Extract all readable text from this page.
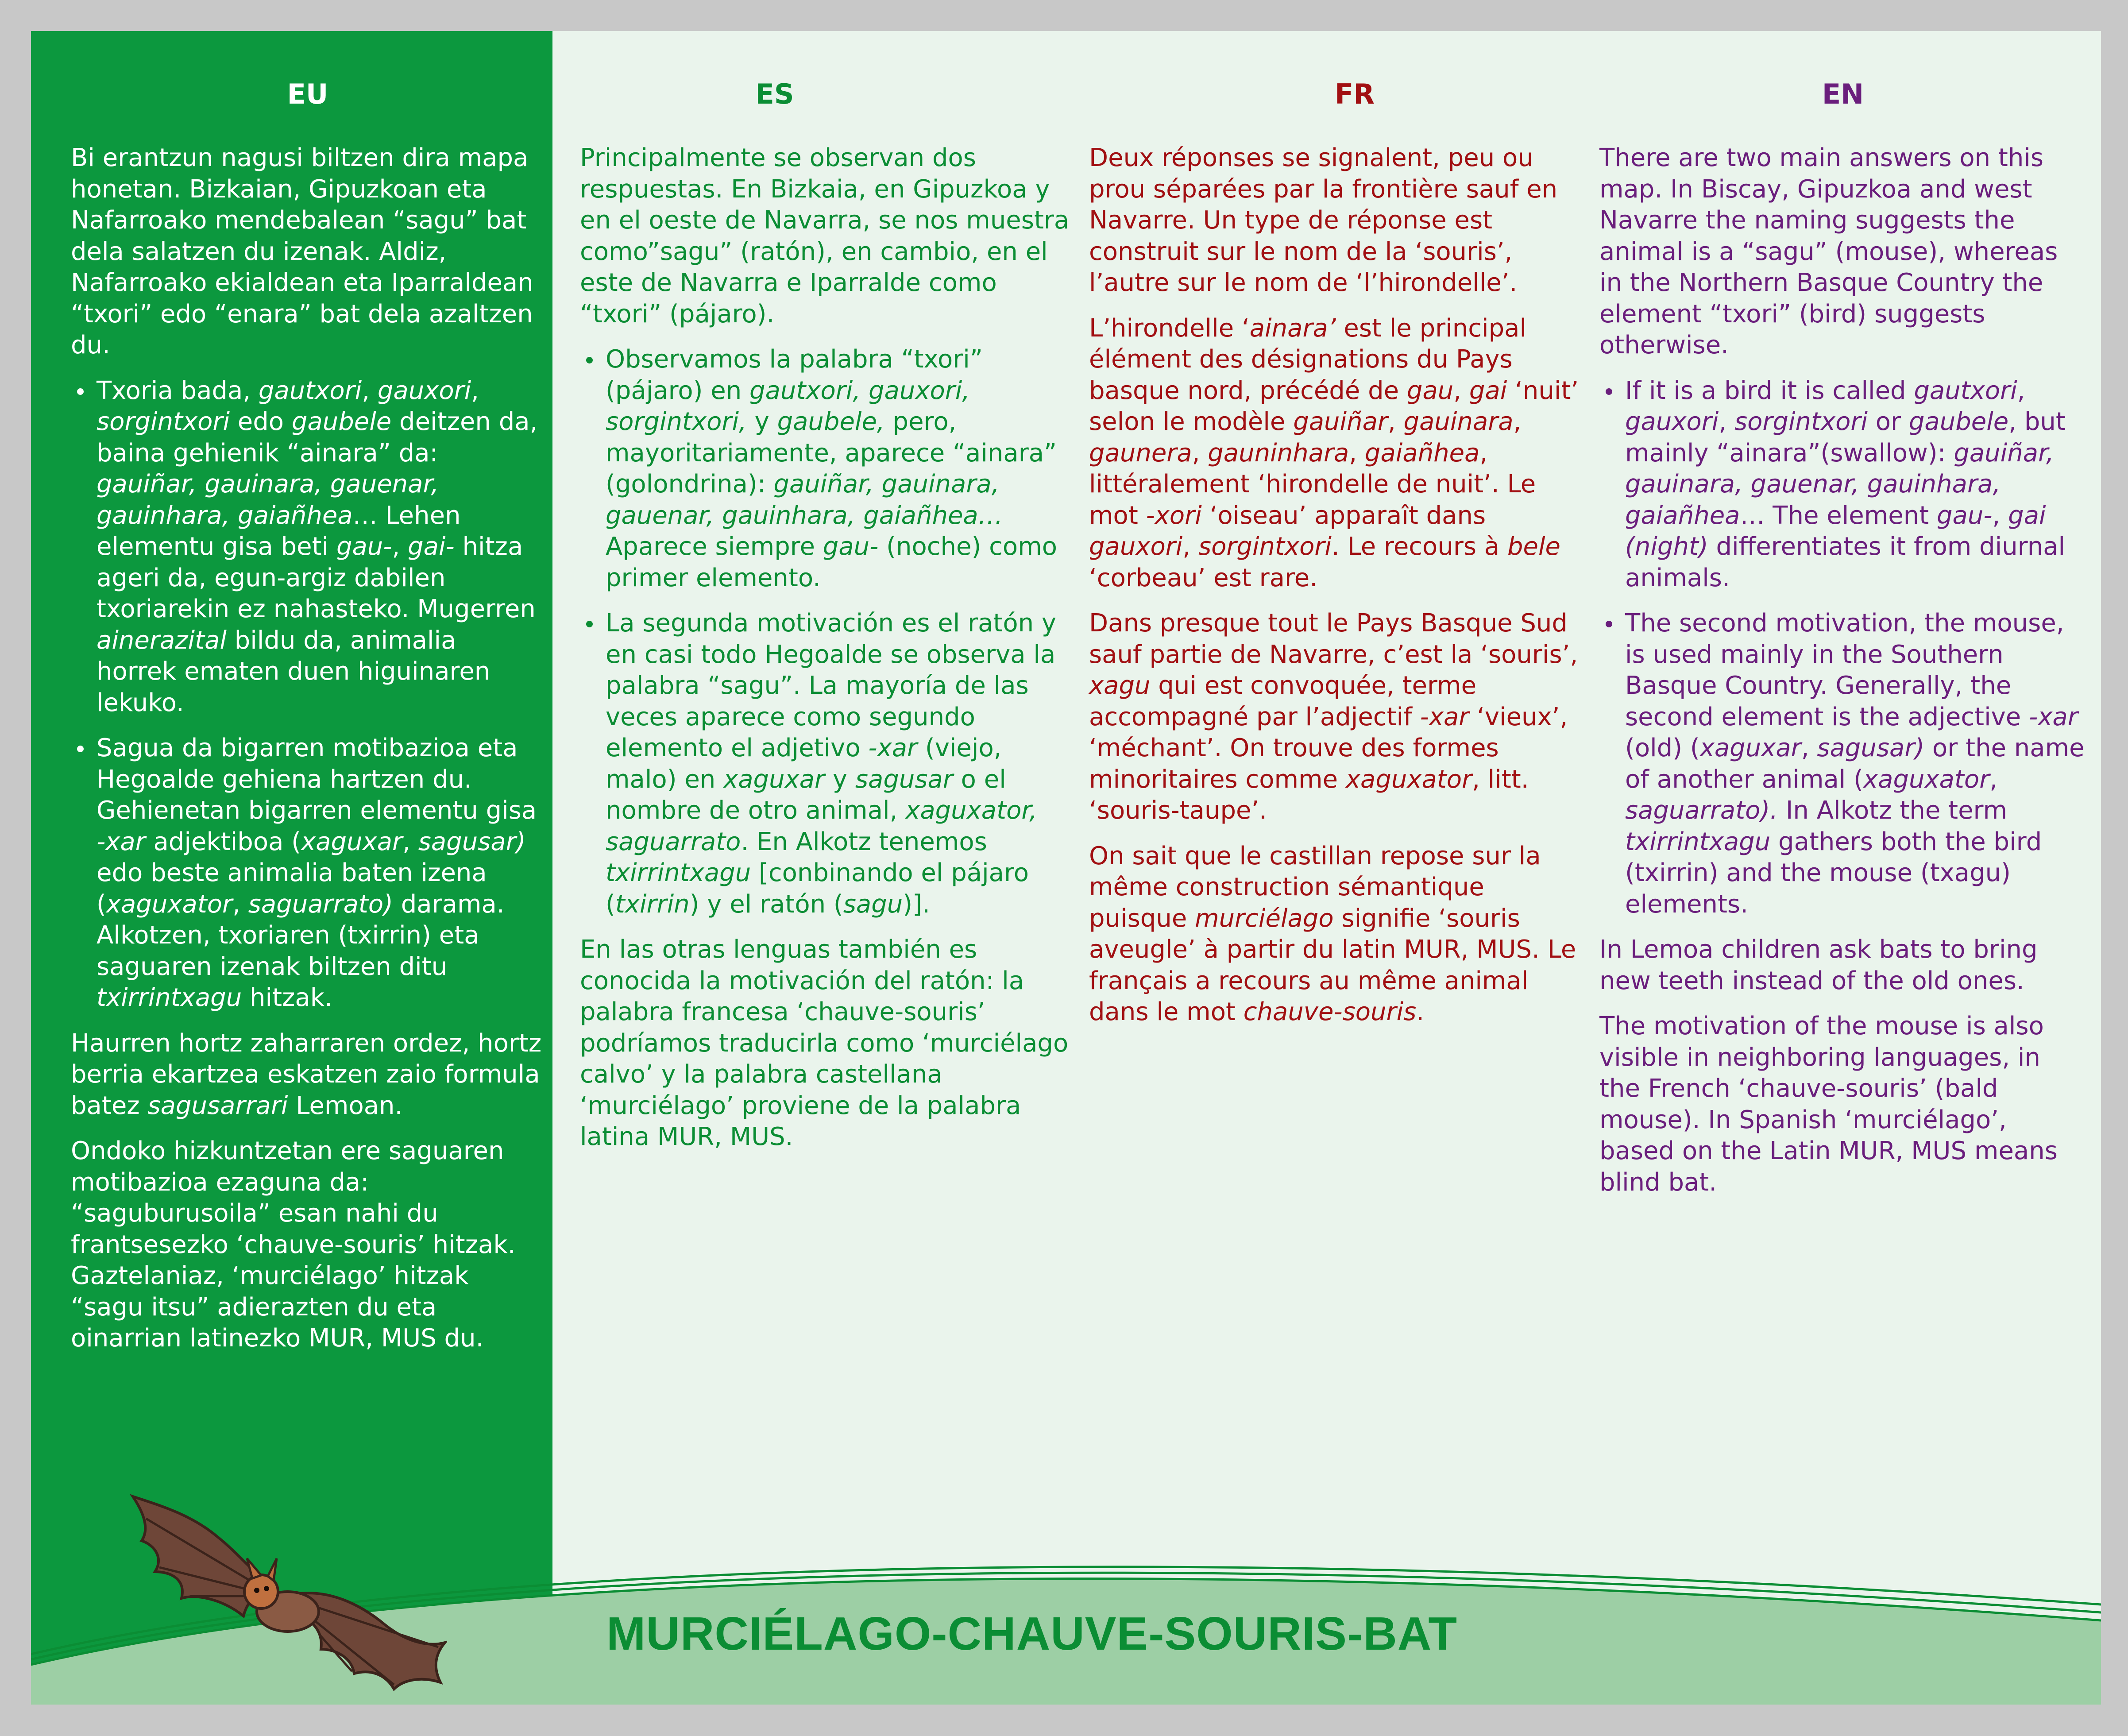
EU

Bi erantzun nagusi biltzen dira mapa honetan. Bizkaian, Gipuzkoan eta Nafarroako mendebalean “sagu” bat dela salatzen du izenak. Aldiz, Nafarroako ekialdean eta Iparraldean “txori” edo “enara” bat dela azaltzen du.

Txoria bada, gautxori, gauxori, sorgintxori edo gaubele deitzen da, baina gehienik “ainara” da: gauiñar, gauinara, gauenar, gauinhara, gaiañhea… Lehen elementu gisa beti gau-, gai- hitza ageri da, egun-argiz dabilen txoriarekin ez nahasteko. Mugerren ainerazital bildu da, animalia horrek ematen duen higuinaren lekuko.
Sagua da bigarren motibazioa eta Hegoalde gehiena hartzen du. Gehienetan bigarren elementu gisa -xar adjektiboa (xaguxar, sagusar) edo beste animalia baten izena (xaguxator, saguarrato) darama. Alkotzen, txoriaren (txirrin) eta saguaren izenak biltzen ditu txirrintxagu hitzak.

Haurren hortz zaharraren ordez, hortz berria ekartzea eskatzen zaio formula batez sagusarrari Lemoan.

Ondoko hizkuntzetan ere saguaren motibazioa ezaguna da: “saguburusoila” esan nahi du frantsesezko ‘chauve-souris’ hitzak. Gaztelaniaz, ‘murciélago’ hitzak “sagu itsu” adierazten du eta oinarrian latinezko MUR, MUS du.

ES

Principalmente se observan dos respuestas. En Bizkaia, en Gipuzkoa y en el oeste de Navarra, se nos muestra como”sagu” (ratón), en cambio, en el este de Navarra e Iparralde como “txori” (pájaro).

Observamos la palabra “txori” (pájaro) en gautxori, gauxori, sorgintxori, y gaubele, pero, mayoritariamente, aparece “ainara” (golondrina): gauiñar, gauinara, gauenar, gauinhara, gaiañhea… Aparece siempre gau- (noche) como primer elemento.
La segunda motivación es el ratón y en casi todo Hegoalde se observa la palabra “sagu”. La mayoría de las veces aparece como segundo elemento el adjetivo -xar (viejo, malo) en xaguxar y sagusar o el nombre de otro animal, xaguxator, saguarrato. En Alkotz tenemos txirrintxagu [conbinando el pájaro (txirrin) y el ratón (sagu)].

En las otras lenguas también es conocida la motivación del ratón: la palabra francesa ‘chauve-souris’ podríamos traducirla como ‘murciélago calvo’ y la palabra castellana ‘murciélago’ proviene de la palabra latina MUR, MUS.

FR

Deux réponses se signalent, peu ou prou séparées par la frontière sauf en Navarre. Un type de réponse est construit sur le nom de la ‘souris’, l’autre sur le nom de ‘l’hirondelle’.

L’hirondelle ‘ainara’ est le principal élément des désignations du Pays basque nord, précédé de gau, gai ‘nuit’ selon le modèle gauiñar, gauinara, gaunera, gauninhara, gaiañhea, littéralement ‘hirondelle de nuit’. Le mot -xori ‘oiseau’ apparaît dans gauxori, sorgintxori. Le recours à bele ‘corbeau’ est rare.

Dans presque tout le Pays Basque Sud sauf partie de Navarre, c’est la ‘souris’, xagu qui est convoquée, terme accompagné par l’adjectif -xar ‘vieux’, ‘méchant’. On trouve des formes minoritaires comme xaguxator, litt. ‘souris-taupe’.

On sait que le castillan repose sur la même construction sémantique puisque murciélago signifie ‘souris aveugle’ à partir du latin MUR, MUS. Le français a recours au même animal dans le mot chauve-souris.

EN

There are two main answers on this map. In Biscay, Gipuzkoa and west Navarre the naming suggests the animal is a “sagu” (mouse), whereas in the Northern Basque Country the element “txori” (bird) suggests otherwise.

If it is a bird it is called gautxori, gauxori, sorgintxori or gaubele, but mainly “ainara”(swallow): gauiñar, gauinara, gauenar, gauinhara, gaiañhea… The element gau-, gai (night) differentiates it from diurnal animals.
The second motivation, the mouse, is used mainly in the Southern Basque Country. Generally, the second element is the adjective -xar (old) (xaguxar, sagusar) or the name of another animal (xaguxator, saguarrato). In Alkotz the term txirrintxagu gathers both the bird (txirrin) and the mouse (txagu) elements.

In Lemoa children ask bats to bring new teeth instead of the old ones.

The motivation of the mouse is also visible in neighboring languages, in the French ‘chauve-souris’ (bald mouse). In Spanish ‘murciélago’, based on the Latin MUR, MUS means blind bat.

MURCIÉLAGO-CHAUVE-SOURIS-BAT
